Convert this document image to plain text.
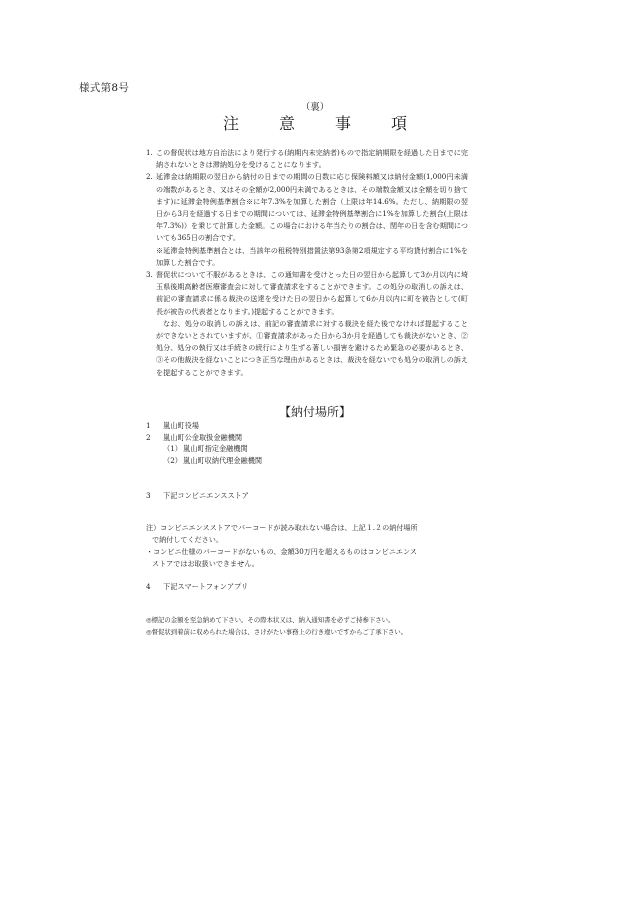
様式第8号
（裏）
注意事項
1. この督促状は地方自治法により発行する(納期内未完納者)もので指定納期限を経過した日までに完納されないときは滞納処分を受けることになります。
2. 延滞金は納期限の翌日から納付の日までの期間の日数に応じ保険料額又は納付金額(1,000円未満の端数があるとき、又はその全額が2,000円未満であるときは、その端数金額又は全額を切り捨てます)に延滞金特例基準割合※に年7.3%を加算した割合（上限は年14.6%。ただし、納期限の翌日から3月を経過する日までの期間については、延滞金特例基準割合に1%を加算した割合(上限は年7.3%)）を乗じて計算した金額。この場合における年当たりの割合は、閏年の日を含む期間についても365日の割合です。
※延滞金特例基準割合とは、当該年の租税特別措置法第93条第2項規定する平均貸付割合に1%を加算した割合です。
3. 督促状について不服があるときは、この通知書を受けとった日の翌日から起算して3か月以内に埼玉県後期高齢者医療審査会に対して審査請求をすることができます。この処分の取消しの訴えは、前記の審査請求に係る裁決の送達を受けた日の翌日から起算して6か月以内に町を被告として(町長が被告の代表者となります。)提起することができます。
なお、処分の取消しの訴えは、前記の審査請求に対する裁決を経た後でなければ提起することができないとされていますが、①審査請求があった日から3か月を経過しても裁決がないとき、②処分、処分の執行又は手続きの続行により生ずる著しい損害を避けるため緊急の必要があるとき、③その他裁決を経ないことにつき正当な理由があるときは、裁決を経ないでも処分の取消しの訴えを提起することができます。
【納付場所】
1 嵐山町役場
2 嵐山町公金取扱金融機関
（1）嵐山町指定金融機関
（2）嵐山町収納代理金融機関
3 下記コンビニエンスストア
注）コンビニエンスストアでバーコードが読み取れない場合は、上記１.２の納付場所
で納付してください。
・コンビニ仕様のバーコードがないもの、金額30万円を超えるものはコンビニエンス
ストアではお取扱いできません。
4 下記スマートフォンアプリ
◎標記の金額を至急納めて下さい。その際本状又は、納入通知書を必ずご持参下さい。
◎督促状到着前に収められた場合は、さけがたい事務上の行き違いですからご了承下さい。
